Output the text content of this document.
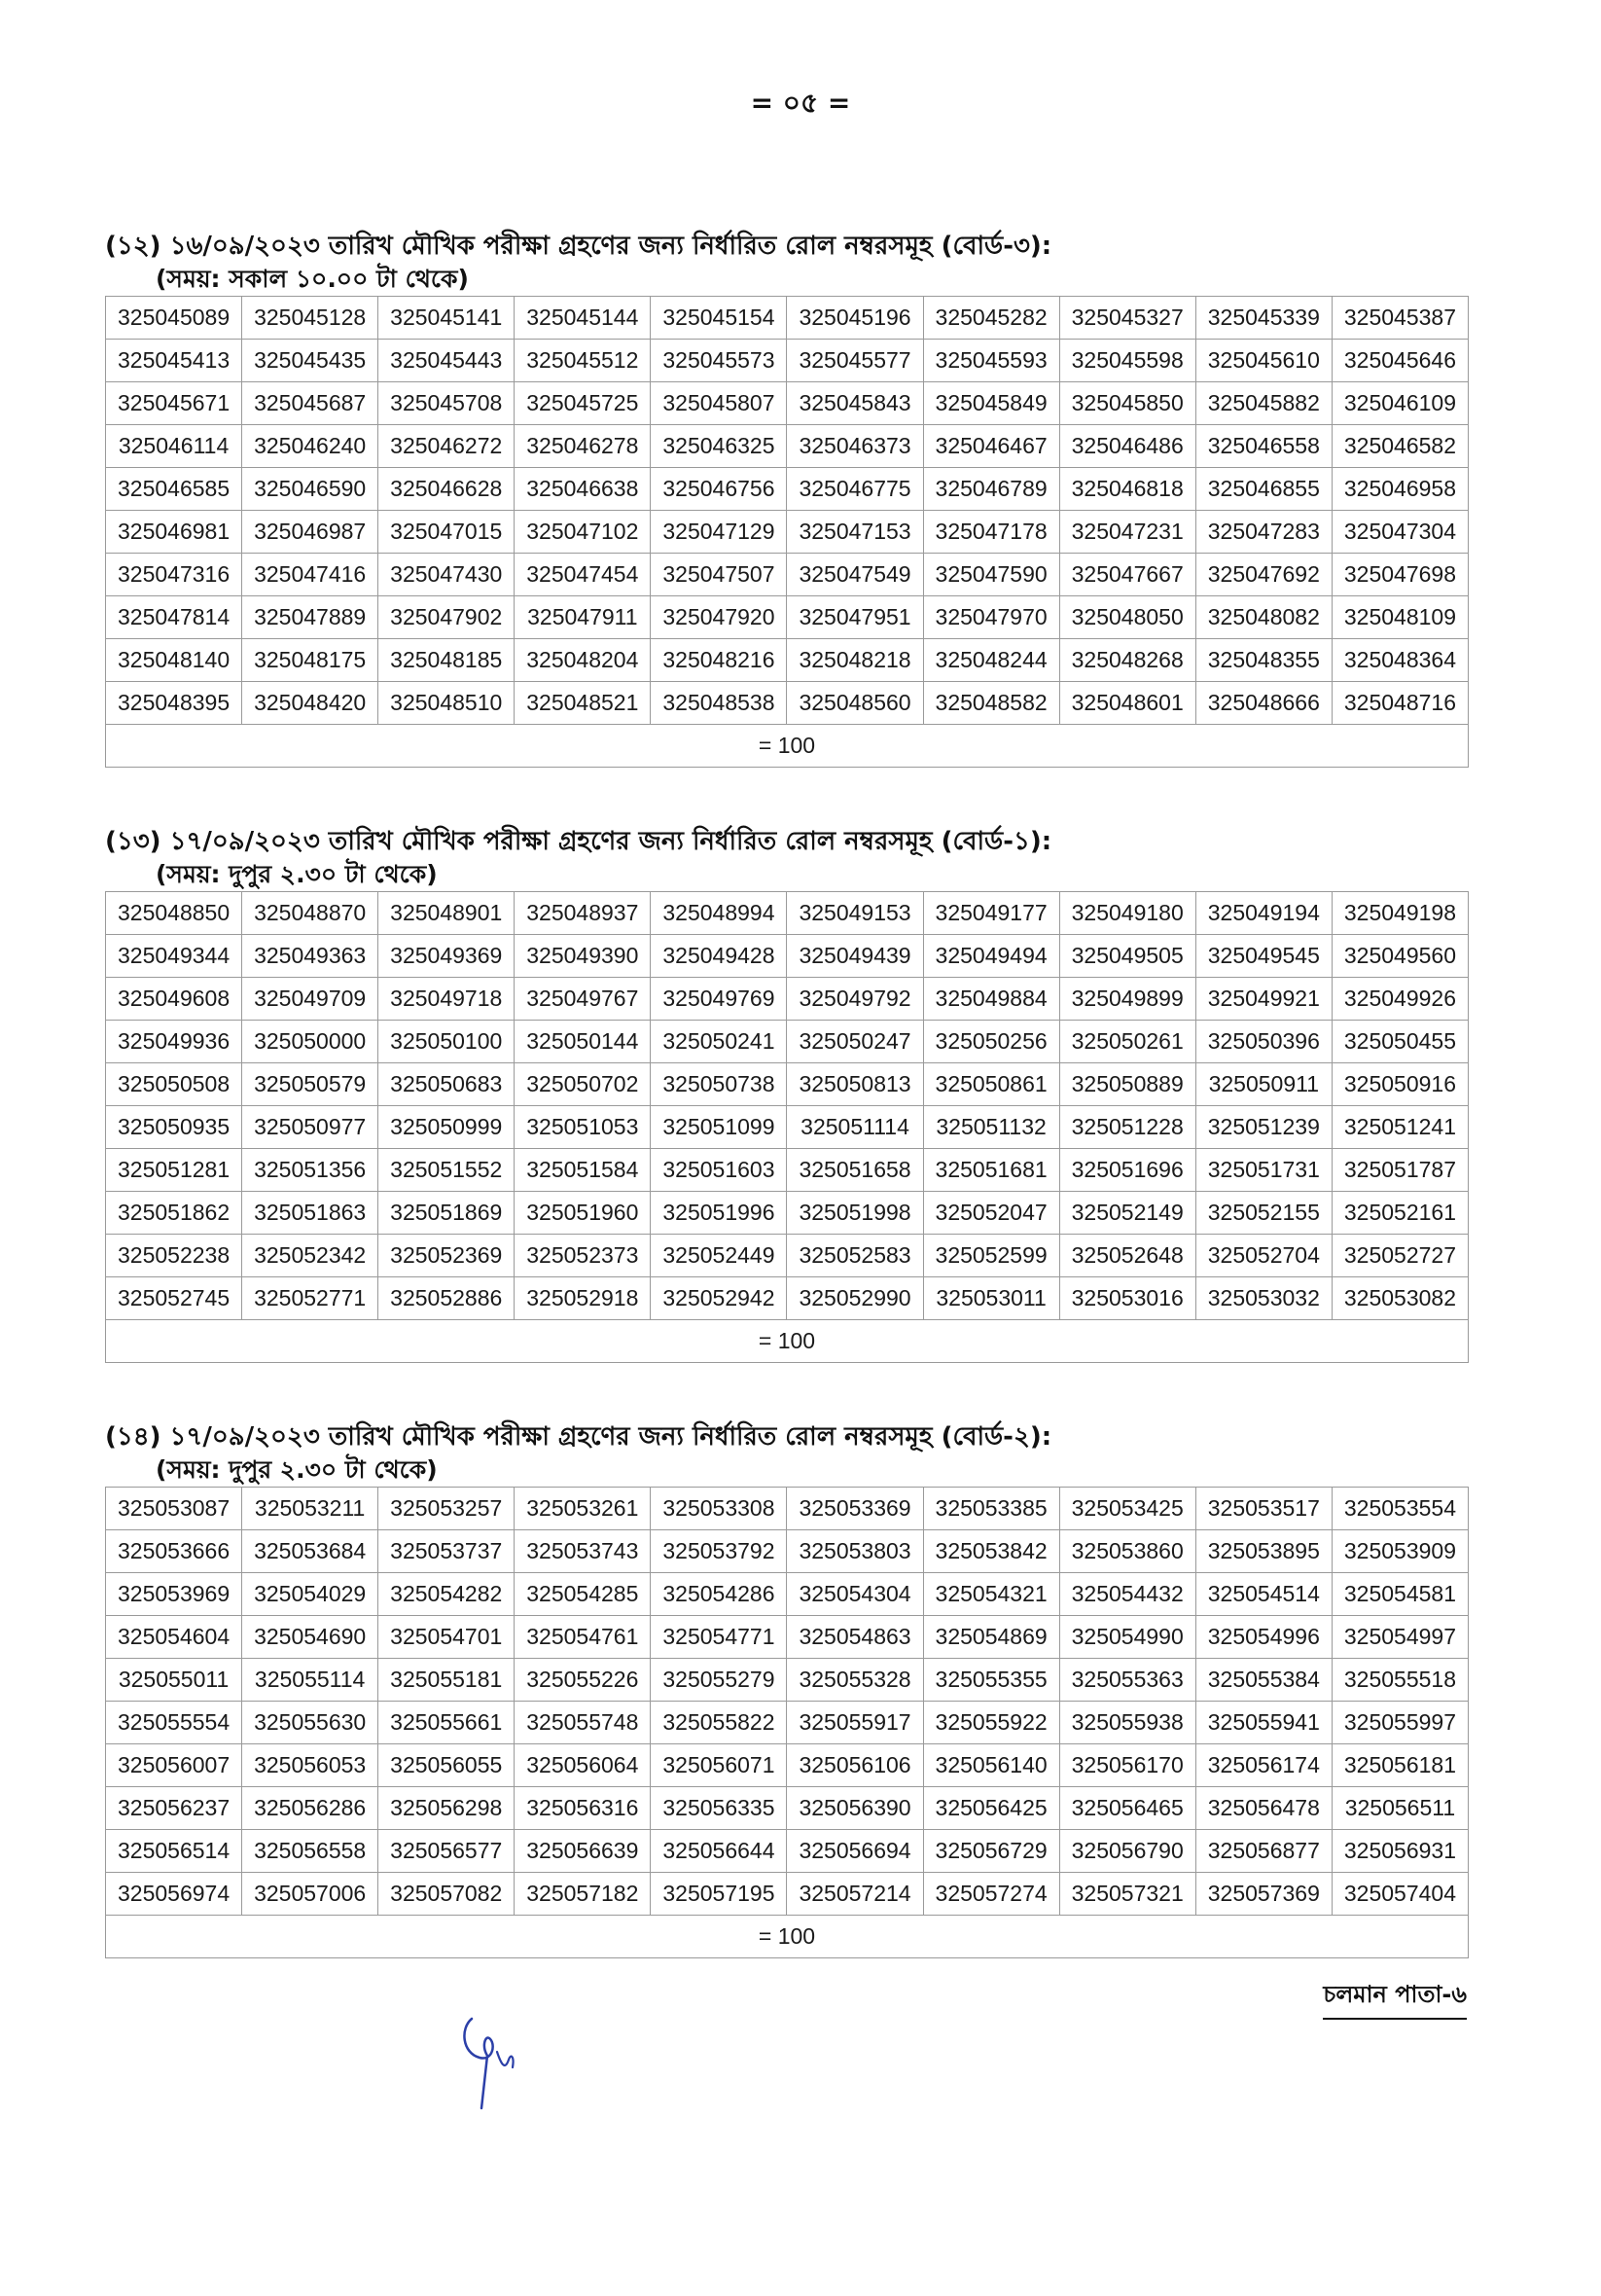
= ০৫ =
(১২) ১৬/০৯/২০২৩ তারিখ মৌখিক পরীক্ষা গ্রহণের জন্য নির্ধারিত রোল নম্বরসমূহ (বোর্ড-৩):
(সময়: সকাল ১০.০০ টা থেকে)
325045089	325045128	325045141	325045144	325045154	325045196	325045282	325045327	325045339	325045387
325045413	325045435	325045443	325045512	325045573	325045577	325045593	325045598	325045610	325045646
325045671	325045687	325045708	325045725	325045807	325045843	325045849	325045850	325045882	325046109
325046114	325046240	325046272	325046278	325046325	325046373	325046467	325046486	325046558	325046582
325046585	325046590	325046628	325046638	325046756	325046775	325046789	325046818	325046855	325046958
325046981	325046987	325047015	325047102	325047129	325047153	325047178	325047231	325047283	325047304
325047316	325047416	325047430	325047454	325047507	325047549	325047590	325047667	325047692	325047698
325047814	325047889	325047902	325047911	325047920	325047951	325047970	325048050	325048082	325048109
325048140	325048175	325048185	325048204	325048216	325048218	325048244	325048268	325048355	325048364
325048395	325048420	325048510	325048521	325048538	325048560	325048582	325048601	325048666	325048716
= 100									
(১৩) ১৭/০৯/২০২৩ তারিখ মৌখিক পরীক্ষা গ্রহণের জন্য নির্ধারিত রোল নম্বরসমূহ (বোর্ড-১):
(সময়: দুপুর ২.৩০ টা থেকে)
325048850	325048870	325048901	325048937	325048994	325049153	325049177	325049180	325049194	325049198
325049344	325049363	325049369	325049390	325049428	325049439	325049494	325049505	325049545	325049560
325049608	325049709	325049718	325049767	325049769	325049792	325049884	325049899	325049921	325049926
325049936	325050000	325050100	325050144	325050241	325050247	325050256	325050261	325050396	325050455
325050508	325050579	325050683	325050702	325050738	325050813	325050861	325050889	325050911	325050916
325050935	325050977	325050999	325051053	325051099	325051114	325051132	325051228	325051239	325051241
325051281	325051356	325051552	325051584	325051603	325051658	325051681	325051696	325051731	325051787
325051862	325051863	325051869	325051960	325051996	325051998	325052047	325052149	325052155	325052161
325052238	325052342	325052369	325052373	325052449	325052583	325052599	325052648	325052704	325052727
325052745	325052771	325052886	325052918	325052942	325052990	325053011	325053016	325053032	325053082
= 100									
(১৪) ১৭/০৯/২০২৩ তারিখ মৌখিক পরীক্ষা গ্রহণের জন্য নির্ধারিত রোল নম্বরসমূহ (বোর্ড-২):
(সময়: দুপুর ২.৩০ টা থেকে)
325053087	325053211	325053257	325053261	325053308	325053369	325053385	325053425	325053517	325053554
325053666	325053684	325053737	325053743	325053792	325053803	325053842	325053860	325053895	325053909
325053969	325054029	325054282	325054285	325054286	325054304	325054321	325054432	325054514	325054581
325054604	325054690	325054701	325054761	325054771	325054863	325054869	325054990	325054996	325054997
325055011	325055114	325055181	325055226	325055279	325055328	325055355	325055363	325055384	325055518
325055554	325055630	325055661	325055748	325055822	325055917	325055922	325055938	325055941	325055997
325056007	325056053	325056055	325056064	325056071	325056106	325056140	325056170	325056174	325056181
325056237	325056286	325056298	325056316	325056335	325056390	325056425	325056465	325056478	325056511
325056514	325056558	325056577	325056639	325056644	325056694	325056729	325056790	325056877	325056931
325056974	325057006	325057082	325057182	325057195	325057214	325057274	325057321	325057369	325057404
= 100									
চলমান পাতা-৬
